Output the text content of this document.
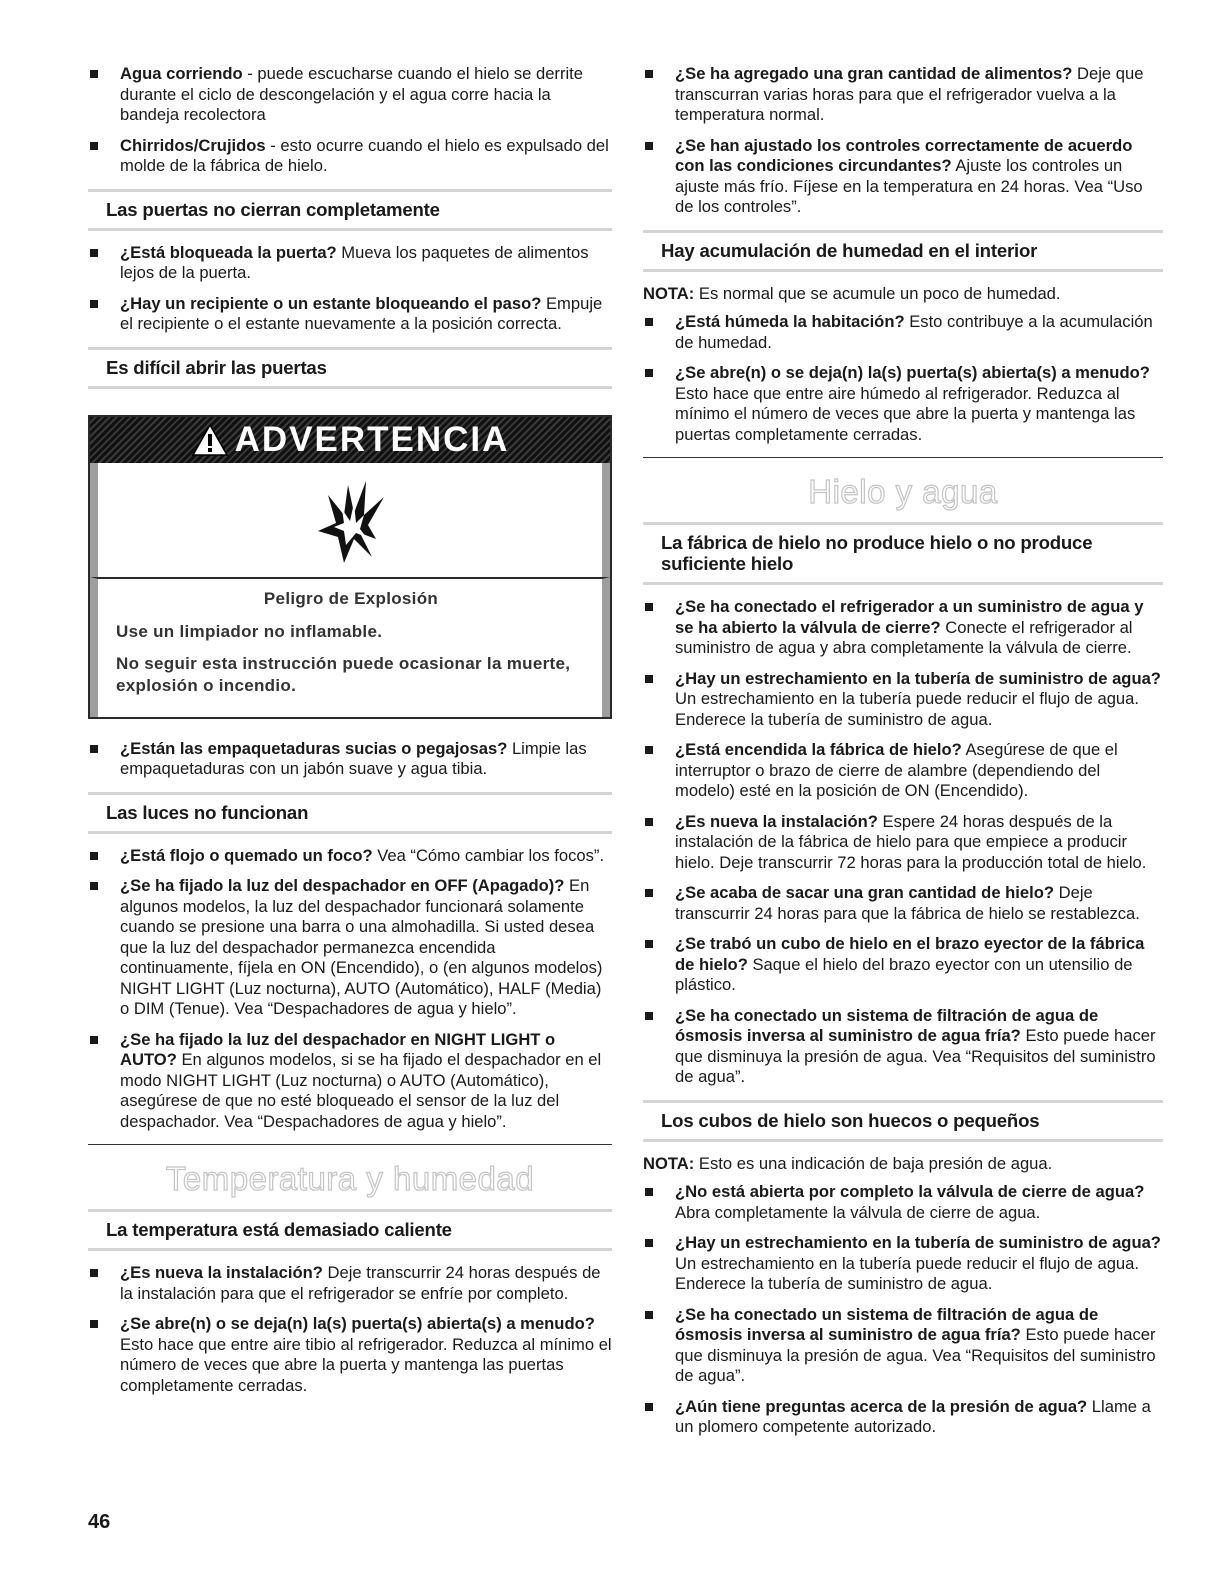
Agua corriendo - puede escucharse cuando el hielo se derrite durante el ciclo de descongelación y el agua corre hacia la bandeja recolectora
Chirridos/Crujidos - esto ocurre cuando el hielo es expulsado del molde de la fábrica de hielo.
Las puertas no cierran completamente
¿Está bloqueada la puerta? Mueva los paquetes de alimentos lejos de la puerta.
¿Hay un recipiente o un estante bloqueando el paso? Empuje el recipiente o el estante nuevamente a la posición correcta.
Es difícil abrir las puertas
ADVERTENCIA
Peligro de Explosión
Use un limpiador no inflamable.
No seguir esta instrucción puede ocasionar la muerte, explosión o incendio.
¿Están las empaquetaduras sucias o pegajosas? Limpie las empaquetaduras con un jabón suave y agua tibia.
Las luces no funcionan
¿Está flojo o quemado un foco? Vea “Cómo cambiar los focos”.
¿Se ha fijado la luz del despachador en OFF (Apagado)? En algunos modelos, la luz del despachador funcionará solamente cuando se presione una barra o una almohadilla. Si usted desea que la luz del despachador permanezca encendida continuamente, fíjela en ON (Encendido), o (en algunos modelos) NIGHT LIGHT (Luz nocturna), AUTO (Automático), HALF (Media) o DIM (Tenue). Vea “Despachadores de agua y hielo”.
¿Se ha fijado la luz del despachador en NIGHT LIGHT o AUTO? En algunos modelos, si se ha fijado el despachador en el modo NIGHT LIGHT (Luz nocturna) o AUTO (Automático), asegúrese de que no esté bloqueado el sensor de la luz del despachador. Vea “Despachadores de agua y hielo”.
Temperatura y humedad
La temperatura está demasiado caliente
¿Es nueva la instalación? Deje transcurrir 24 horas después de la instalación para que el refrigerador se enfríe por completo.
¿Se abre(n) o se deja(n) la(s) puerta(s) abierta(s) a menudo? Esto hace que entre aire tibio al refrigerador. Reduzca al mínimo el número de veces que abre la puerta y mantenga las puertas completamente cerradas.
¿Se ha agregado una gran cantidad de alimentos? Deje que transcurran varias horas para que el refrigerador vuelva a la temperatura normal.
¿Se han ajustado los controles correctamente de acuerdo con las condiciones circundantes? Ajuste los controles un ajuste más frío. Fíjese en la temperatura en 24 horas. Vea “Uso de los controles”.
Hay acumulación de humedad en el interior

NOTA: Es normal que se acumule un poco de humedad.

¿Está húmeda la habitación? Esto contribuye a la acumulación de humedad.
¿Se abre(n) o se deja(n) la(s) puerta(s) abierta(s) a menudo? Esto hace que entre aire húmedo al refrigerador. Reduzca al mínimo el número de veces que abre la puerta y mantenga las puertas completamente cerradas.
Hielo y agua
La fábrica de hielo no produce hielo o no produce suficiente hielo
¿Se ha conectado el refrigerador a un suministro de agua y se ha abierto la válvula de cierre? Conecte el refrigerador al suministro de agua y abra completamente la válvula de cierre.
¿Hay un estrechamiento en la tubería de suministro de agua? Un estrechamiento en la tubería puede reducir el flujo de agua. Enderece la tubería de suministro de agua.
¿Está encendida la fábrica de hielo? Asegúrese de que el interruptor o brazo de cierre de alambre (dependiendo del modelo) esté en la posición de ON (Encendido).
¿Es nueva la instalación? Espere 24 horas después de la instalación de la fábrica de hielo para que empiece a producir hielo. Deje transcurrir 72 horas para la producción total de hielo.
¿Se acaba de sacar una gran cantidad de hielo? Deje transcurrir 24 horas para que la fábrica de hielo se restablezca.
¿Se trabó un cubo de hielo en el brazo eyector de la fábrica de hielo? Saque el hielo del brazo eyector con un utensilio de plástico.
¿Se ha conectado un sistema de filtración de agua de ósmosis inversa al suministro de agua fría? Esto puede hacer que disminuya la presión de agua. Vea “Requisitos del suministro de agua”.
Los cubos de hielo son huecos o pequeños

NOTA: Esto es una indicación de baja presión de agua.

¿No está abierta por completo la válvula de cierre de agua? Abra completamente la válvula de cierre de agua.
¿Hay un estrechamiento en la tubería de suministro de agua? Un estrechamiento en la tubería puede reducir el flujo de agua. Enderece la tubería de suministro de agua.
¿Se ha conectado un sistema de filtración de agua de ósmosis inversa al suministro de agua fría? Esto puede hacer que disminuya la presión de agua. Vea “Requisitos del suministro de agua”.
¿Aún tiene preguntas acerca de la presión de agua? Llame a un plomero competente autorizado.
46
